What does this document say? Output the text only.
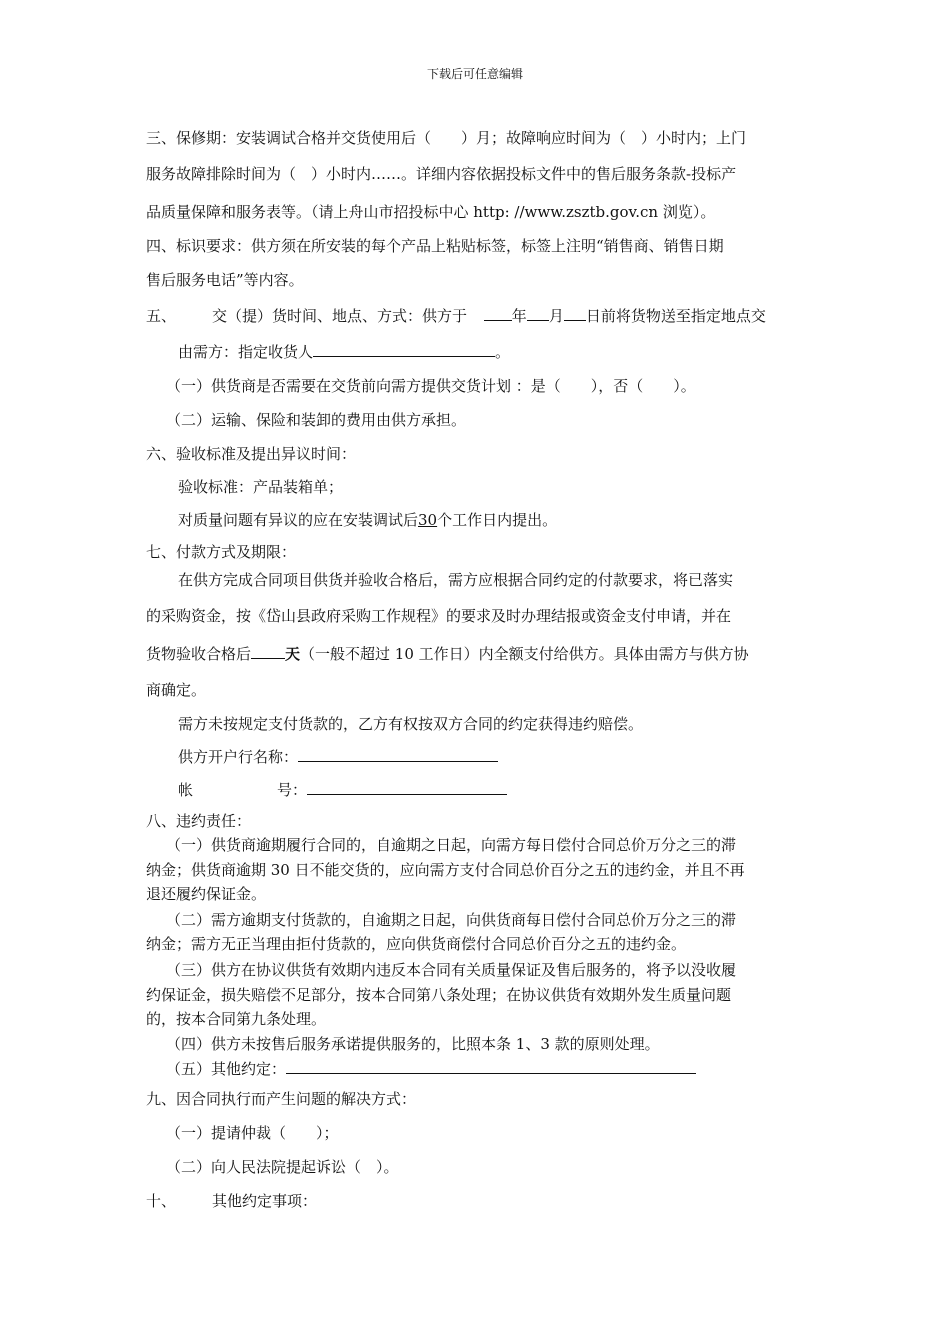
下载后可任意编辑
三、保修期：安装调试合格并交货使用后（　　）月；故障响应时间为（　）小时内；上门
服务故障排除时间为（　）小时内……。详细内容依据投标文件中的售后服务条款-投标产
品质量保障和服务表等。（请上舟山市招投标中心 http: //www.zsztb.gov.cn 浏览）。
四、标识要求：供方须在所安装的每个产品上粘贴标签，标签上注明“销售商、销售日期
售后服务电话”等内容。
五、 交（提）货时间、地点、方式：供方于	年 月 日前将货物送至指定地点交
由需方：指定收货人	。
（一）供货商是否需要在交货前向需方提供交货计划 ：是（　　），否（　　）。
（二）运输、保险和装卸的费用由供方承担。
六、验收标准及提出异议时间：
验收标准：产品装箱单；
对质量问题有异议的应在安装调试后30个工作日内提出。
七、付款方式及期限：
在供方完成合同项目供货并验收合格后，需方应根据合同约定的付款要求，将已落实
的采购资金，按《岱山县政府采购工作规程》的要求及时办理结报或资金支付申请，并在
货物验收合格后 天（一般不超过 10 工作日）内全额支付给供方。具体由需方与供方协
商确定。
需方未按规定支付货款的，乙方有权按双方合同的约定获得违约赔偿。
供方开户行名称：
帐	号：
八、违约责任：
（一）供货商逾期履行合同的，自逾期之日起，向需方每日偿付合同总价万分之三的滞
纳金；供货商逾期 30 日不能交货的，应向需方支付合同总价百分之五的违约金，并且不再
退还履约保证金。
（二）需方逾期支付货款的，自逾期之日起，向供货商每日偿付合同总价万分之三的滞
纳金；需方无正当理由拒付货款的，应向供货商偿付合同总价百分之五的违约金。
（三）供方在协议供货有效期内违反本合同有关质量保证及售后服务的，将予以没收履
约保证金，损失赔偿不足部分，按本合同第八条处理；在协议供货有效期外发生质量问题
的，按本合同第九条处理。
（四）供方未按售后服务承诺提供服务的，比照本条 1、3 款的原则处理。
（五）其他约定：
九、因合同执行而产生问题的解决方式：
（一）提请仲裁（　　）；
（二）向人民法院提起诉讼（　）。
十、 其他约定事项：
